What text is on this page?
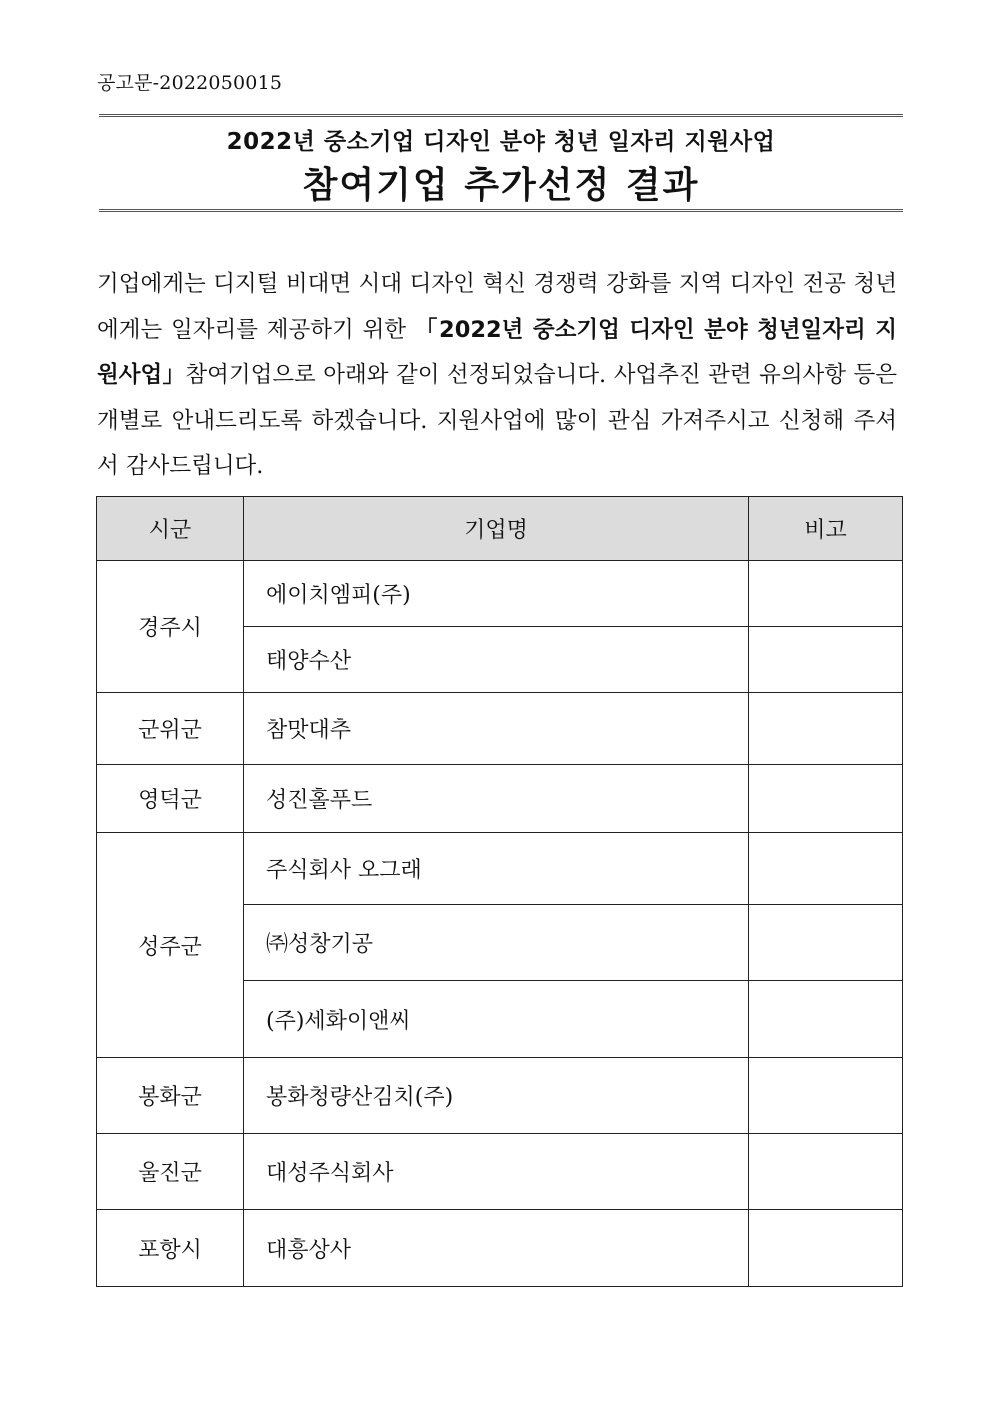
공고문-2022050015
2022년 중소기업 디자인 분야 청년 일자리 지원사업
참여기업 추가선정 결과
기업에게는 디지털 비대면 시대 디자인 혁신 경쟁력 강화를 지역 디자인 전공 청년에게는 일자리를 제공하기 위한 「2022년 중소기업 디자인 분야 청년일자리 지원사업」참여기업으로 아래와 같이 선정되었습니다. 사업추진 관련 유의사항 등은 개별로 안내드리도록 하겠습니다. 지원사업에 많이 관심 가져주시고 신청해 주셔서 감사드립니다.
시군	기업명	비고
경주시	에이치엠피(주)	
	태양수산	
군위군	참맛대추	
영덕군	성진홀푸드	
성주군	주식회사 오그래	
	㈜성창기공	
	(주)세화이앤씨	
봉화군	봉화청량산김치(주)	
울진군	대성주식회사	
포항시	대흥상사	
